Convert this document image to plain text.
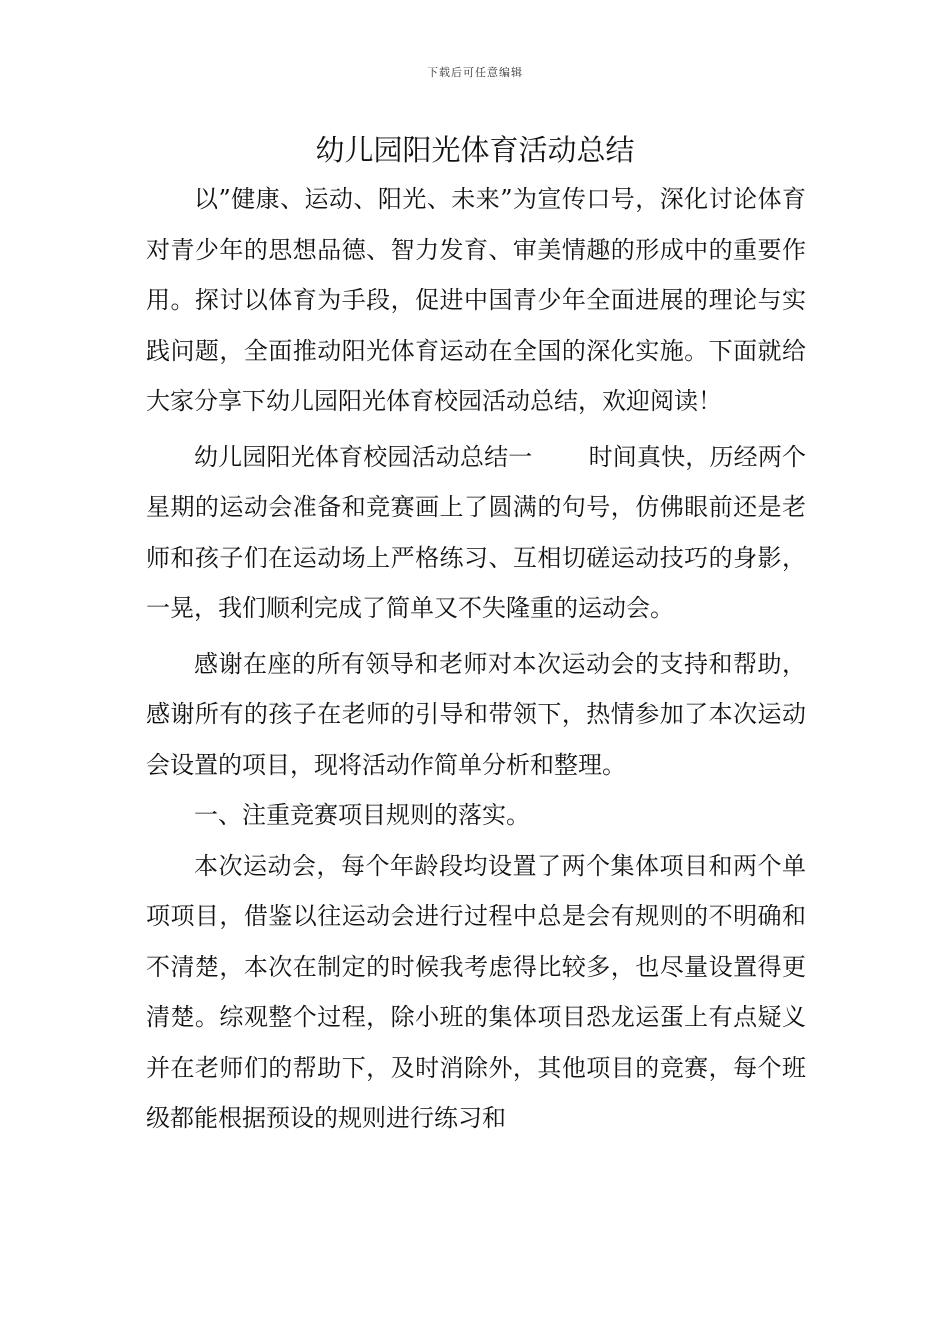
下载后可任意编辑
幼儿园阳光体育活动总结

以”健康、运动、阳光、未来”为宣传口号，深化讨论体育对青少年的思想品德、智力发育、审美情趣的形成中的重要作用。探讨以体育为手段，促进中国青少年全面进展的理论与实践问题，全面推动阳光体育运动在全国的深化实施。下面就给大家分享下幼儿园阳光体育校园活动总结，欢迎阅读！

幼儿园阳光体育校园活动总结一 时间真快，历经两个星期的运动会准备和竞赛画上了圆满的句号，仿佛眼前还是老师和孩子们在运动场上严格练习、互相切磋运动技巧的身影，一晃，我们顺利完成了简单又不失隆重的运动会。

感谢在座的所有领导和老师对本次运动会的支持和帮助，感谢所有的孩子在老师的引导和带领下，热情参加了本次运动会设置的项目，现将活动作简单分析和整理。

一、注重竞赛项目规则的落实。

本次运动会，每个年龄段均设置了两个集体项目和两个单项项目，借鉴以往运动会进行过程中总是会有规则的不明确和不清楚，本次在制定的时候我考虑得比较多，也尽量设置得更清楚。综观整个过程，除小班的集体项目恐龙运蛋上有点疑义并在老师们的帮助下，及时消除外，其他项目的竞赛，每个班级都能根据预设的规则进行练习和
